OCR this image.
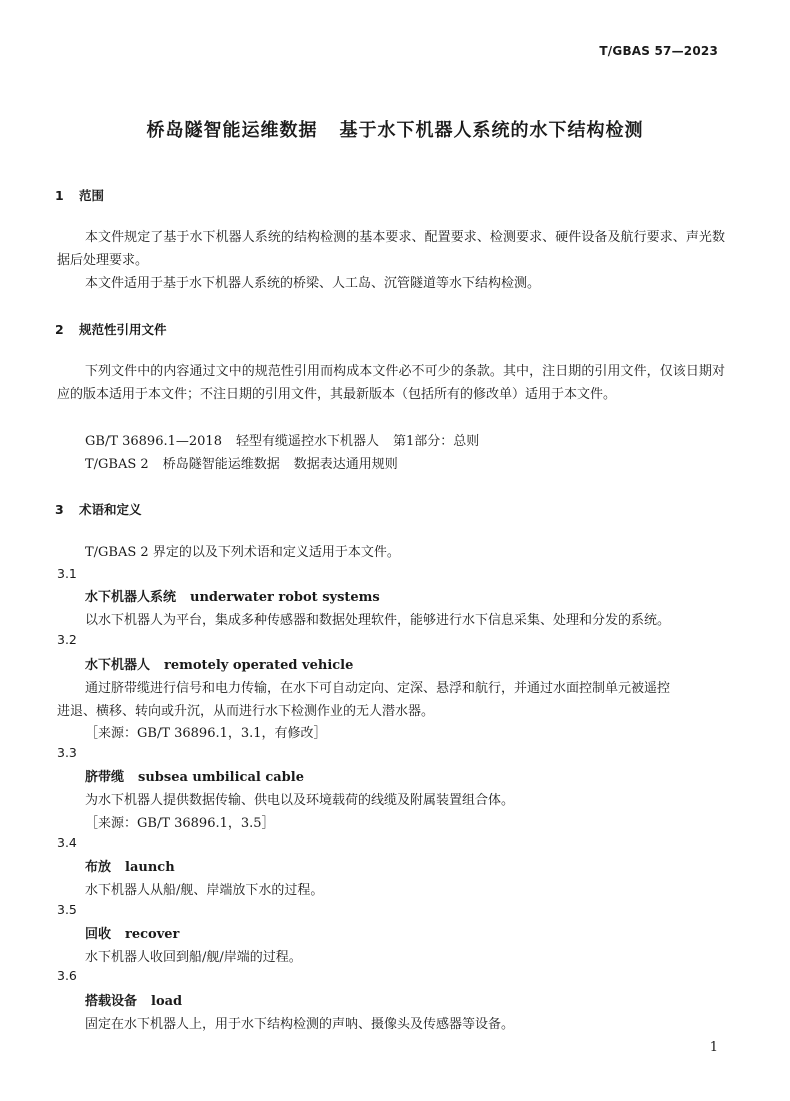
T/GBAS 57—2023
桥岛隧智能运维数据 基于水下机器人系统的水下结构检测
1 范围
本文件规定了基于水下机器人系统的结构检测的基本要求、配置要求、检测要求、硬件设备及航行要求、声光数据后处理要求。
本文件适用于基于水下机器人系统的桥梁、人工岛、沉管隧道等水下结构检测。
2 规范性引用文件
下列文件中的内容通过文中的规范性引用而构成本文件必不可少的条款。其中，注日期的引用文件，仅该日期对应的版本适用于本文件；不注日期的引用文件，其最新版本（包括所有的修改单）适用于本文件。
GB/T 36896.1—2018 轻型有缆遥控水下机器人 第1部分：总则
T/GBAS 2 桥岛隧智能运维数据 数据表达通用规则
3 术语和定义
T/GBAS 2 界定的以及下列术语和定义适用于本文件。
3.1
水下机器人系统 underwater robot systems
以水下机器人为平台，集成多种传感器和数据处理软件，能够进行水下信息采集、处理和分发的系统。
3.2
水下机器人 remotely operated vehicle
通过脐带缆进行信号和电力传输，在水下可自动定向、定深、悬浮和航行，并通过水面控制单元被遥控
进退、横移、转向或升沉，从而进行水下检测作业的无人潜水器。
［来源：GB/T 36896.1，3.1，有修改］
3.3
脐带缆 subsea umbilical cable
为水下机器人提供数据传输、供电以及环境载荷的线缆及附属装置组合体。
［来源：GB/T 36896.1，3.5］
3.4
布放 launch
水下机器人从船/舰、岸端放下水的过程。
3.5
回收 recover
水下机器人收回到船/舰/岸端的过程。
3.6
搭载设备 load
固定在水下机器人上，用于水下结构检测的声呐、摄像头及传感器等设备。
1
